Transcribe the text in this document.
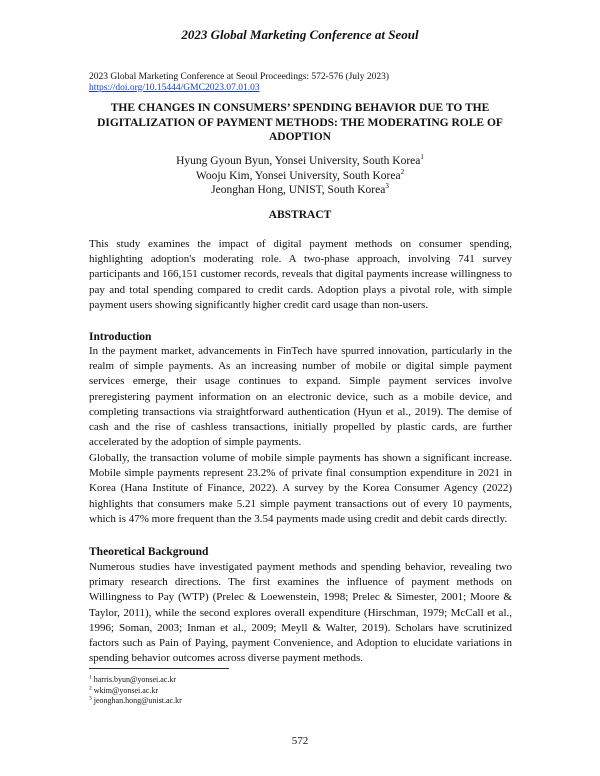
2023 Global Marketing Conference at Seoul
2023 Global Marketing Conference at Seoul Proceedings: 572-576 (July 2023)
https://doi.org/10.15444/GMC2023.07.01.03
THE CHANGES IN CONSUMERS’ SPENDING BEHAVIOR DUE TO THE DIGITALIZATION OF PAYMENT METHODS: THE MODERATING ROLE OF ADOPTION
Hyung Gyoun Byun, Yonsei University, South Korea$^1$
Wooju Kim, Yonsei University, South Korea$^2$
Jeonghan Hong, UNIST, South Korea$^3$
ABSTRACT

This study examines the impact of digital payment methods on consumer spending, highlighting adoption's moderating role. A two-phase approach, involving 741 survey participants and 166,151 customer records, reveals that digital payments increase willingness to pay and total spending compared to credit cards. Adoption plays a pivotal role, with simple payment users showing significantly higher credit card usage than non-users.

Introduction

In the payment market, advancements in FinTech have spurred innovation, particularly in the realm of simple payments. As an increasing number of mobile or digital simple payment services emerge, their usage continues to expand. Simple payment services involve preregistering payment information on an electronic device, such as a mobile device, and completing transactions via straightforward authentication (Hyun et al., 2019). The demise of cash and the rise of cashless transactions, initially propelled by plastic cards, are further accelerated by the adoption of simple payments.

Globally, the transaction volume of mobile simple payments has shown a significant increase. Mobile simple payments represent 23.2% of private final consumption expenditure in 2021 in Korea (Hana Institute of Finance, 2022). A survey by the Korea Consumer Agency (2022) highlights that consumers make 5.21 simple payment transactions out of every 10 payments, which is 47% more frequent than the 3.54 payments made using credit and debit cards directly.

Theoretical Background

Numerous studies have investigated payment methods and spending behavior, revealing two primary research directions. The first examines the influence of payment methods on Willingness to Pay (WTP) (Prelec & Loewenstein, 1998; Prelec & Simester, 2001; Moore & Taylor, 2011), while the second explores overall expenditure (Hirschman, 1979; McCall et al., 1996; Soman, 2003; Inman et al., 2009; Meyll & Walter, 2019). Scholars have scrutinized factors such as Pain of Paying, payment Convenience, and Adoption to elucidate variations in spending behavior outcomes across diverse payment methods.

$^1$ harris.byun@yonsei.ac.kr
$^2$ wkim@yonsei.ac.kr
$^3$ jeonghan.hong@unist.ac.kr
572
